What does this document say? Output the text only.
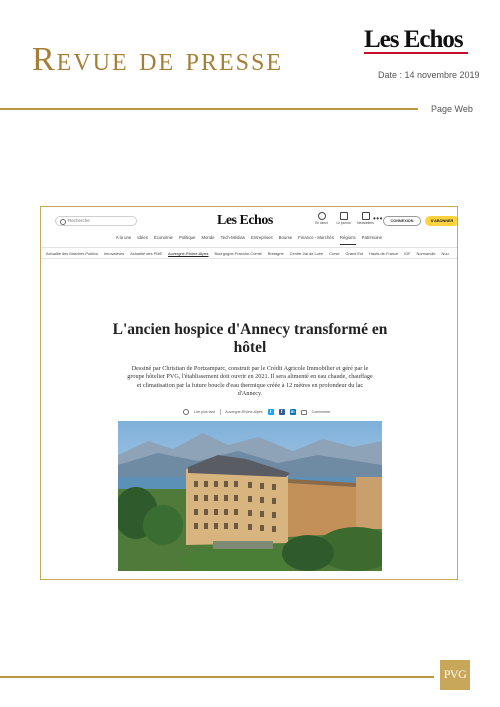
Revue de presse
Les Echos
Date : 14 novembre 2019
Page Web
Recherche	Les Echos	En direct	Le journal	Newsletters •••	CONNEXION	S'ABONNER
A la une Idées Économie Politique Monde Tech-Médias Entreprises Bourse Finance - Marchés Régions Patrimoine
Actualité des Marchés Publics Innovateurs Actualité des PME Auvergne-Rhône-Alpes Bourgogne-Franche-Comté Bretagne Centre-Val de Loire Corse Grand Est Hauts-de-France IDF Normandie Nou
L'ancien hospice d'Annecy transformé en hôtel
Dessiné par Christian de Portzamparc, construit par le Crédit Agricole Immobilier et géré par le groupe hôtelier PVG, l'établissement doit ouvrir en 2021. Il sera alimenté en eau chaude, chauffage et climatisation par la future boucle d'eau thermique créée à 12 mètres en profondeur du lac d'Annecy.
Lire plus tard	Auvergne-Rhône-Alpes	t	f	in	Commenter
PVG
